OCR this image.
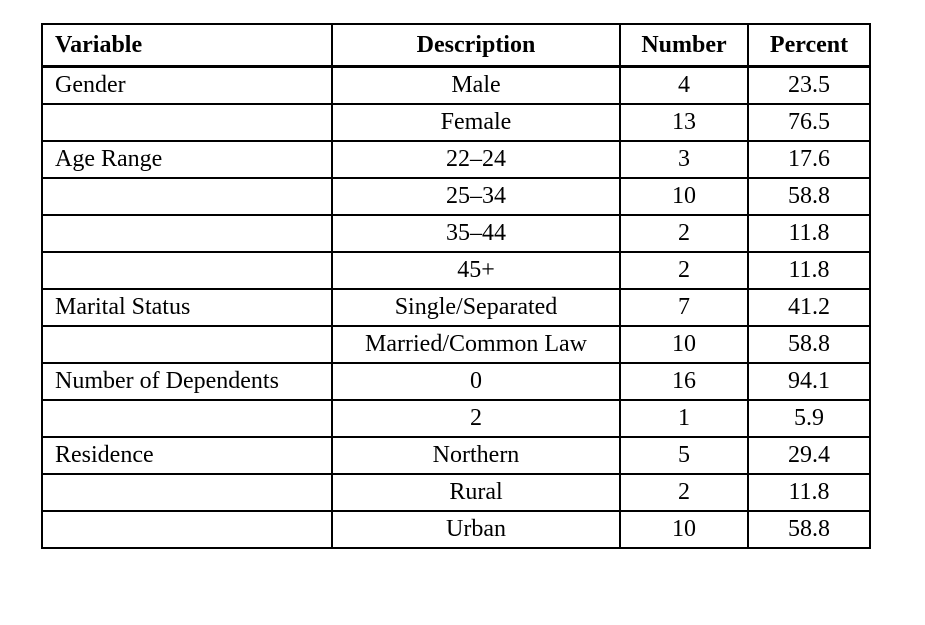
Variable	Description	Number	Percent
Gender	Male	4	23.5
	Female	13	76.5
Age Range	22–24	3	17.6
	25–34	10	58.8
	35–44	2	11.8
	45+	2	11.8
Marital Status	Single/Separated	7	41.2
	Married/Common Law	10	58.8
Number of Dependents	0	16	94.1
	2	1	5.9
Residence	Northern	5	29.4
	Rural	2	11.8
	Urban	10	58.8
